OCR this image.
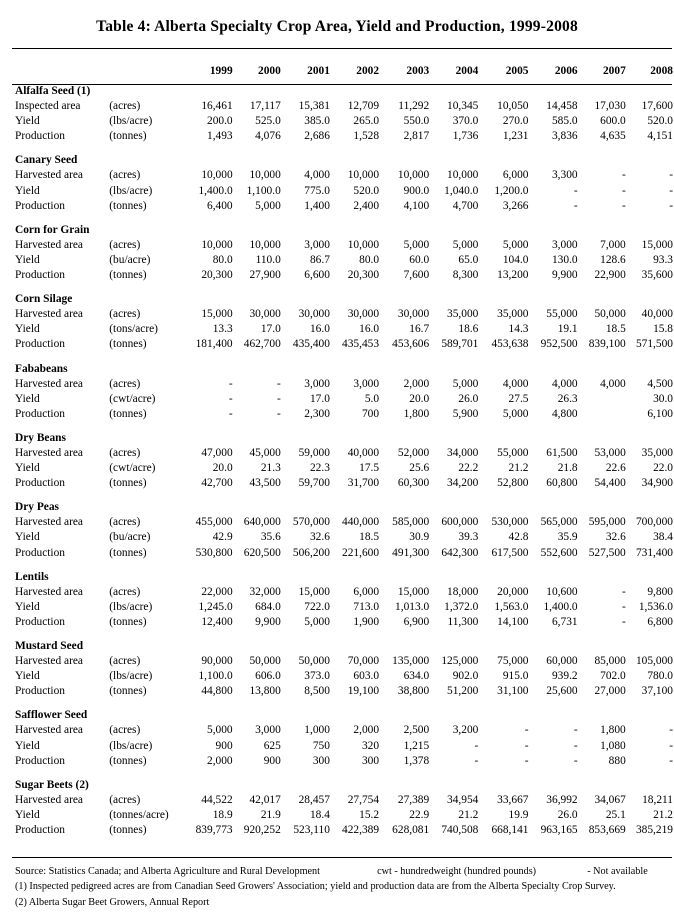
Table 4: Alberta Specialty Crop Area, Yield and Production, 1999-2008
		1999	2000	2001	2002	2003	2004	2005	2006	2007	2008
Alfalfa Seed (1)											
Inspected area	(acres)	16,461	17,117	15,381	12,709	11,292	10,345	10,050	14,458	17,030	17,600
Yield	(lbs/acre)	200.0	525.0	385.0	265.0	550.0	370.0	270.0	585.0	600.0	520.0
Production	(tonnes)	1,493	4,076	2,686	1,528	2,817	1,736	1,231	3,836	4,635	4,151

Canary Seed											
Harvested area	(acres)	10,000	10,000	4,000	10,000	10,000	10,000	6,000	3,300	-	-
Yield	(lbs/acre)	1,400.0	1,100.0	775.0	520.0	900.0	1,040.0	1,200.0	-	-	-
Production	(tonnes)	6,400	5,000	1,400	2,400	4,100	4,700	3,266	-	-	-

Corn for Grain											
Harvested area	(acres)	10,000	10,000	3,000	10,000	5,000	5,000	5,000	3,000	7,000	15,000
Yield	(bu/acre)	80.0	110.0	86.7	80.0	60.0	65.0	104.0	130.0	128.6	93.3
Production	(tonnes)	20,300	27,900	6,600	20,300	7,600	8,300	13,200	9,900	22,900	35,600

Corn Silage											
Harvested area	(acres)	15,000	30,000	30,000	30,000	30,000	35,000	35,000	55,000	50,000	40,000
Yield	(tons/acre)	13.3	17.0	16.0	16.0	16.7	18.6	14.3	19.1	18.5	15.8
Production	(tonnes)	181,400	462,700	435,400	435,453	453,606	589,701	453,638	952,500	839,100	571,500

Fababeans											
Harvested area	(acres)	-	-	3,000	3,000	2,000	5,000	4,000	4,000	4,000	4,500
Yield	(cwt/acre)	-	-	17.0	5.0	20.0	26.0	27.5	26.3		30.0
Production	(tonnes)	-	-	2,300	700	1,800	5,900	5,000	4,800		6,100

Dry Beans											
Harvested area	(acres)	47,000	45,000	59,000	40,000	52,000	34,000	55,000	61,500	53,000	35,000
Yield	(cwt/acre)	20.0	21.3	22.3	17.5	25.6	22.2	21.2	21.8	22.6	22.0
Production	(tonnes)	42,700	43,500	59,700	31,700	60,300	34,200	52,800	60,800	54,400	34,900

Dry Peas											
Harvested area	(acres)	455,000	640,000	570,000	440,000	585,000	600,000	530,000	565,000	595,000	700,000
Yield	(bu/acre)	42.9	35.6	32.6	18.5	30.9	39.3	42.8	35.9	32.6	38.4
Production	(tonnes)	530,800	620,500	506,200	221,600	491,300	642,300	617,500	552,600	527,500	731,400

Lentils											
Harvested area	(acres)	22,000	32,000	15,000	6,000	15,000	18,000	20,000	10,600	-	9,800
Yield	(lbs/acre)	1,245.0	684.0	722.0	713.0	1,013.0	1,372.0	1,563.0	1,400.0	-	1,536.0
Production	(tonnes)	12,400	9,900	5,000	1,900	6,900	11,300	14,100	6,731	-	6,800

Mustard Seed											
Harvested area	(acres)	90,000	50,000	50,000	70,000	135,000	125,000	75,000	60,000	85,000	105,000
Yield	(lbs/acre)	1,100.0	606.0	373.0	603.0	634.0	902.0	915.0	939.2	702.0	780.0
Production	(tonnes)	44,800	13,800	8,500	19,100	38,800	51,200	31,100	25,600	27,000	37,100

Safflower Seed											
Harvested area	(acres)	5,000	3,000	1,000	2,000	2,500	3,200	-	-	1,800	-
Yield	(lbs/acre)	900	625	750	320	1,215	-	-	-	1,080	-
Production	(tonnes)	2,000	900	300	300	1,378	-	-	-	880	-

Sugar Beets (2)											
Harvested area	(acres)	44,522	42,017	28,457	27,754	27,389	34,954	33,667	36,992	34,067	18,211
Yield	(tonnes/acre)	18.9	21.9	18.4	15.2	22.9	21.2	19.9	26.0	25.1	21.2
Production	(tonnes)	839,773	920,252	523,110	422,389	628,081	740,508	668,141	963,165	853,669	385,219
Source: Statistics Canada; and Alberta Agriculture and Rural Development	cwt - hundredweight (hundred pounds)	- Not available
(1) Inspected pedigreed acres are from Canadian Seed Growers' Association; yield and production data are from the Alberta Specialty Crop Survey.
(2) Alberta Sugar Beet Growers, Annual Report
